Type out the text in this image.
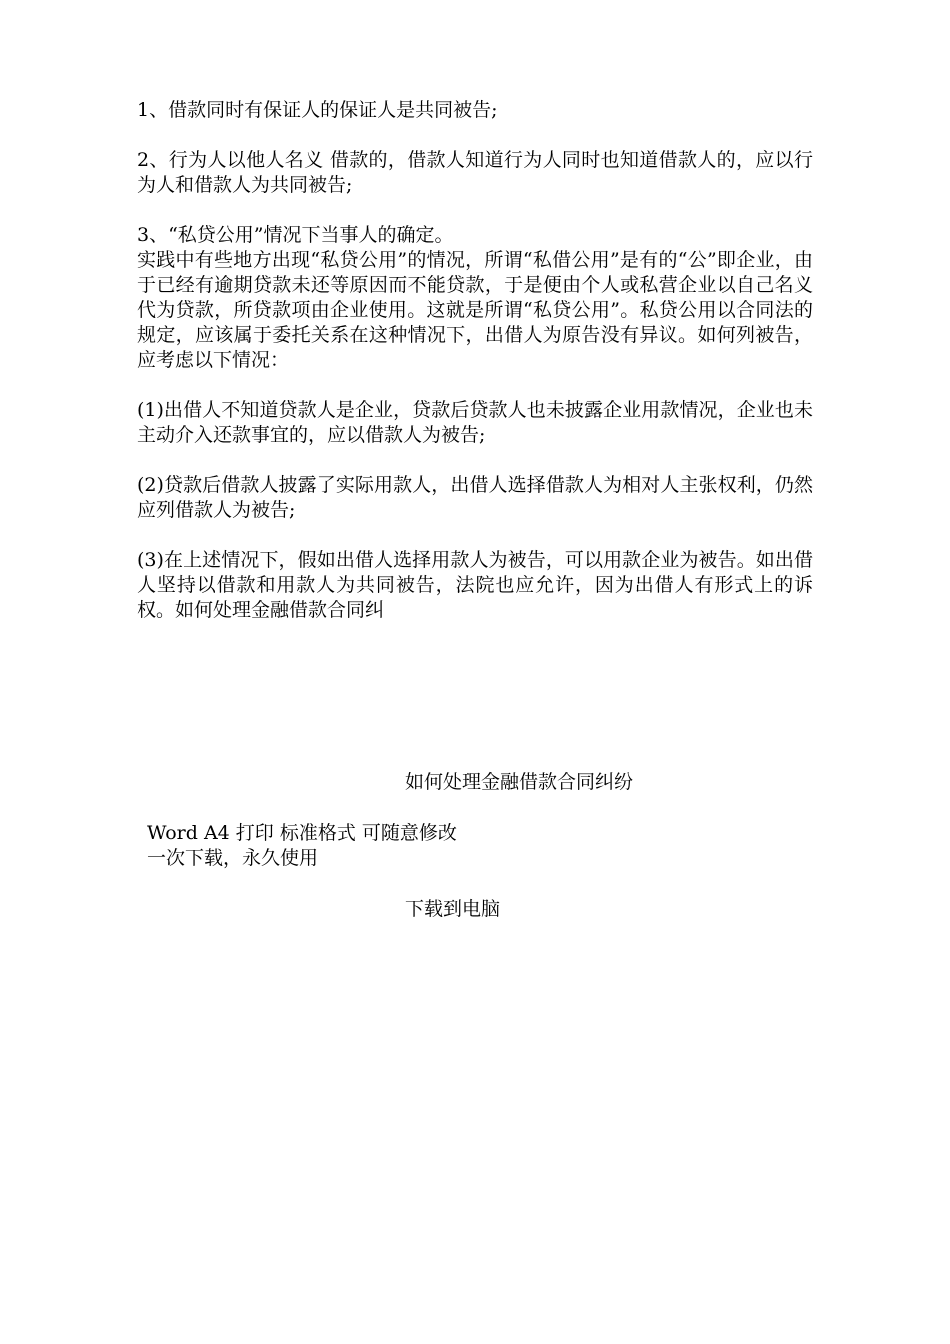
1、借款同时有保证人的保证人是共同被告;

2、行为人以他人名义 借款的，借款人知道行为人同时也知道借款人的，应以行为人和借款人为共同被告;

3、“私贷公用”情况下当事人的确定。

实践中有些地方出现“私贷公用”的情况，所谓“私借公用”是有的“公”即企业，由于已经有逾期贷款未还等原因而不能贷款，于是便由个人或私营企业以自己名义代为贷款，所贷款项由企业使用。这就是所谓“私贷公用”。私贷公用以合同法的规定，应该属于委托关系在这种情况下，出借人为原告没有异议。如何列被告，应考虑以下情况：

(1)出借人不知道贷款人是企业，贷款后贷款人也未披露企业用款情况，企业也未主动介入还款事宜的，应以借款人为被告;

(2)贷款后借款人披露了实际用款人，出借人选择借款人为相对人主张权利，仍然应列借款人为被告;

(3)在上述情况下，假如出借人选择用款人为被告，可以用款企业为被告。如出借人坚持以借款和用款人为共同被告，法院也应允许，因为出借人有形式上的诉权。如何处理金融借款合同纠

如何处理金融借款合同纠纷
Word A4 打印 标准格式 可随意修改
一次下载，永久使用
下载到电脑
